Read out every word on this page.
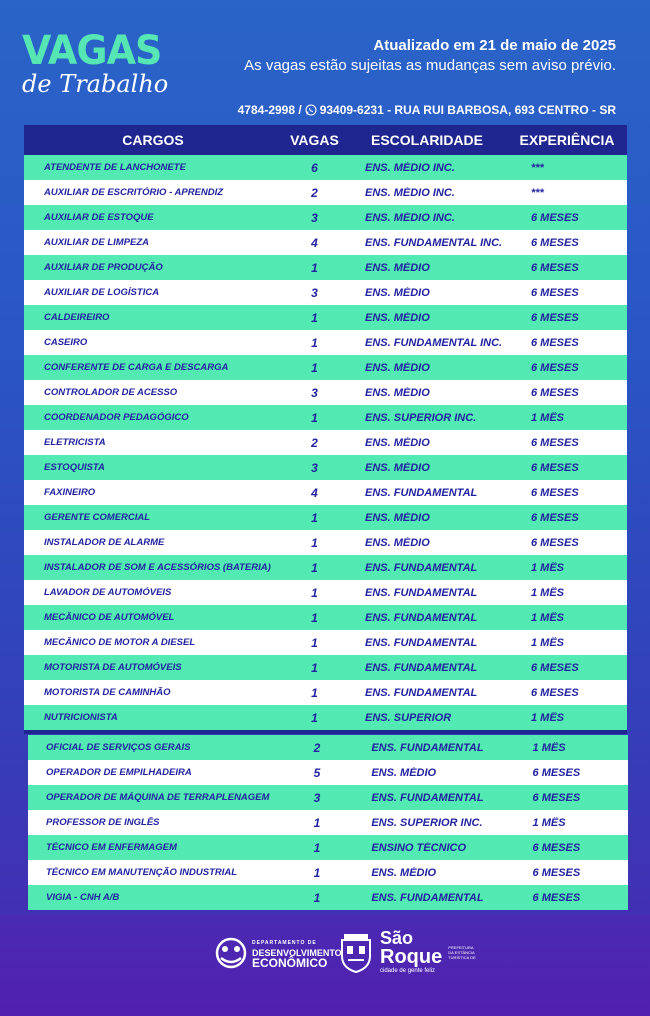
VAGAS
de Trabalho
Atualizado em 21 de maio de 2025
As vagas estão sujeitas as mudanças sem aviso prévio.
4784-2998 / 93409-6231 - RUA RUI BARBOSA, 693 CENTRO - SR
CARGOS	VAGAS	ESCOLARIDADE	EXPERIÊNCIA
ATENDENTE DE LANCHONETE	6	ENS. MÉDIO INC.	***
AUXILIAR DE ESCRITÓRIO - APRENDIZ	2	ENS. MÉDIO INC.	***
AUXILIAR DE ESTOQUE	3	ENS. MÉDIO INC.	6 MESES
AUXILIAR DE LIMPEZA	4	ENS. FUNDAMENTAL INC.	6 MESES
AUXILIAR DE PRODUÇÃO	1	ENS. MÉDIO	6 MESES
AUXILIAR DE LOGÍSTICA	3	ENS. MÉDIO	6 MESES
CALDEIREIRO	1	ENS. MÉDIO	6 MESES
CASEIRO	1	ENS. FUNDAMENTAL INC.	6 MESES
CONFERENTE DE CARGA E DESCARGA	1	ENS. MÉDIO	6 MESES
CONTROLADOR DE ACESSO	3	ENS. MÉDIO	6 MESES
COORDENADOR PEDAGÓGICO	1	ENS. SUPERIOR INC.	1 MÊS
ELETRICISTA	2	ENS. MÉDIO	6 MESES
ESTOQUISTA	3	ENS. MÉDIO	6 MESES
FAXINEIRO	4	ENS. FUNDAMENTAL	6 MESES
GERENTE COMERCIAL	1	ENS. MÉDIO	6 MESES
INSTALADOR DE ALARME	1	ENS. MÉDIO	6 MESES
INSTALADOR DE SOM E ACESSÓRIOS (BATERIA)	1	ENS. FUNDAMENTAL	1 MÊS
LAVADOR DE AUTOMÓVEIS	1	ENS. FUNDAMENTAL	1 MÊS
MECÂNICO DE AUTOMÓVEL	1	ENS. FUNDAMENTAL	1 MÊS
MECÂNICO DE MOTOR A DIESEL	1	ENS. FUNDAMENTAL	1 MÊS
MOTORISTA DE AUTOMÓVEIS	1	ENS. FUNDAMENTAL	6 MESES
MOTORISTA DE CAMINHÃO	1	ENS. FUNDAMENTAL	6 MESES
NUTRICIONISTA	1	ENS. SUPERIOR	1 MÊS
OFICIAL DE SERVIÇOS GERAIS	2	ENS. FUNDAMENTAL	1 MÊS
OPERADOR DE EMPILHADEIRA	5	ENS. MÉDIO	6 MESES
OPERADOR DE MÁQUINA DE TERRAPLENAGEM	3	ENS. FUNDAMENTAL	6 MESES
PROFESSOR DE INGLÊS	1	ENS. SUPERIOR INC.	1 MÊS
TÉCNICO EM ENFERMAGEM	1	ENSINO TÉCNICO	6 MESES
TÉCNICO EM MANUTENÇÃO INDUSTRIAL	1	ENS. MÉDIO	6 MESES
VIGIA - CNH A/B	1	ENS. FUNDAMENTAL	6 MESES
DEPARTAMENTO DE
DESENVOLVIMENTO
ECONÔMICO
São
Roque
cidade de gente feliz
PREFEITURA DA ESTÂNCIA TURÍSTICA DE
